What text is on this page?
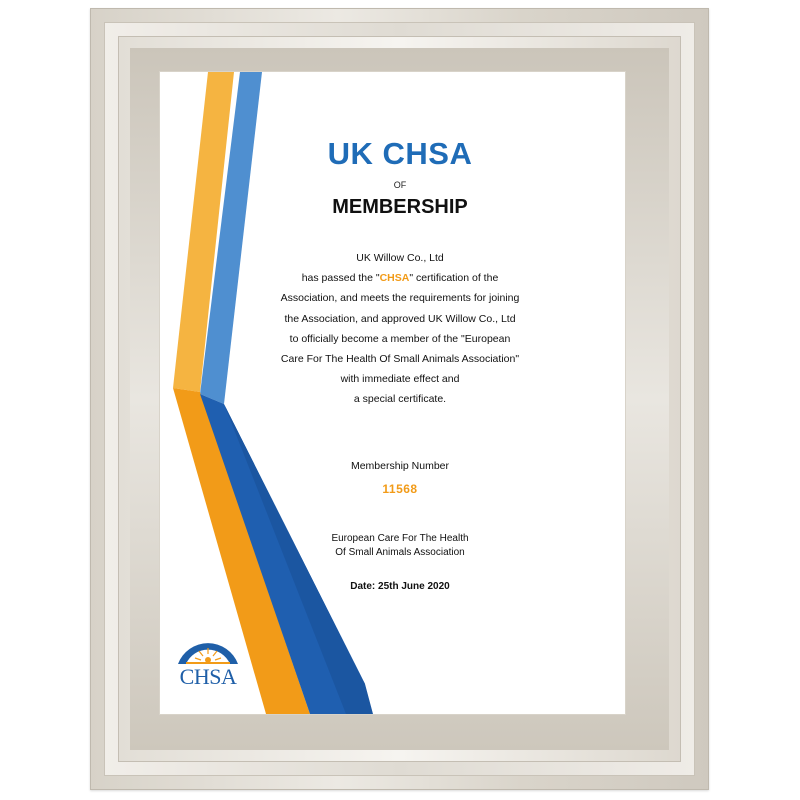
UK CHSA
OF
MEMBERSHIP
UK Willow Co., Ltd
has passed the "CHSA" certification of the
Association, and meets the requirements for joining
the Association, and approved UK Willow Co., Ltd
to officially become a member of the "European
Care For The Health Of Small Animals Association"
with immediate effect and
a special certificate.
Membership Number
11568
European Care For The Health
Of Small Animals Association
Date: 25th June 2020
CHSA
